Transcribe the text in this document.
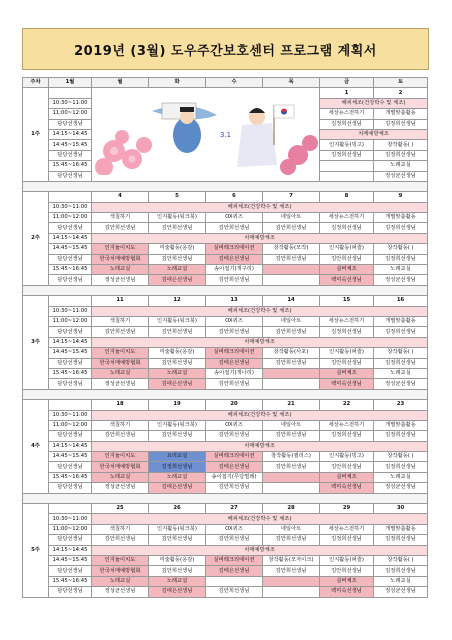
2019년 (3월) 도우주간보호센터 프로그램 계획서
주차	1월	월	화	수	목	금	토
1주		3.1				1	2
	10:30~11:00					해피체조(건강박수 및 체조)	
	11:00~12:00					세상뉴스전하기	개별맞춤활동
	담당선생님					김정희선생님	김정희선생님
	14:15~14:45					치매예방체조	
	14:45~15:45					인지활동(빙고)	창작활동( )
	담당선생님					김정희선생님	김정희선생님
	15:45~16:45						노래교실
	담당선생님						정성균선생님

2주		4	5	6	7	8	9
	10:30~11:00	해피체조(건강박수 및 체조)					
	11:00~12:00	색칠하기	인지활동(워크북)	OX퀴즈	네일아트	세상뉴스전하기	개별맞춤활동
	담당선생님	김안희선생님	김안희선생님	김안희선생님	김안희선생님	김정희선생님	김정희선생님
	14:15~14:45	치매예방체조					
	14:45~15:45	인지놀이치도	미술활동(옹감)	실버레크리에이션	창작활동(모작)	인지활동(퍼즐)	창작활동( )
	담당선생님	한국치매예방협회	김안희선생님	김태은선생님	김안희선생님	김안희선생님	김정희선생님
	15:45~16:45	노래교실	노래교실	송이접기(개구리)		실버체조	노래교실
	담당선생님	정성균선생님	김태은선생님	김안희선생님		백미숙선생님	정성균선생님

3주		11	12	13	14	15	16
	10:30~11:00	해피체조(건강박수 및 체조)					
	11:00~12:00	색칠하기	인지활동(워크북)	OX퀴즈	네일아트	세상뉴스전하기	개별맞춤활동
	담당선생님	김안희선생님	김안희선생님	김안희선생님	김안희선생님	김정희선생님	김정희선생님
	14:15~14:45	치매예방체조					
	14:45~15:45	인지놀이치도	미술활동(옹감)	실버레크리에이션	창작활동(사포)	인지활동(퍼즐)	창작활동( )
	담당선생님	한국치매예방협회	김안희선생님	김태은선생님	김안희선생님	김안희선생님	김정희선생님
	15:45~16:45	노래교실	노래교실	송이접기(개나리)		실버체조	노래교실
	담당선생님	정성균선생님	김태은선생님	김안희선생님		백미숙선생님	정성균선생님

4주		18	19	20	21	22	23
	10:30~11:00	해피체조(건강박수 및 체조)					
	11:00~12:00	색칠하기	인지활동(워크북)	OX퀴즈	네일아트	세상뉴스전하기	개별맞춤활동
	담당선생님	김안희선생님	김안희선생님	김안희선생님	김안희선생님	김정희선생님	김정희선생님
	14:15~14:45	치매예방체조					
	14:45~15:45	인지놀이치도	요리교실	실버레크리에이션	창작활동(퀼리스)	인지활동(빙고)	창작활동( )
	담당선생님	한국치매예방협회	김정희선생님	김태은선생님	김안희선생님	김안희선생님	김정희선생님
	15:45~16:45	노래교실	노래교실	송이접기(무당벌레)		실버체조	노래교실
	담당선생님	정성균선생님	김태은선생님	김안희선생님		백미숙선생님	정성균선생님

5주		25	26	27	28	29	30
	10:30~11:00	해피체조(건강박수 및 체조)					
	11:00~12:00	색칠하기	인지활동(워크북)	OX퀴즈	네일아트	세상뉴스전하기	개별맞춤활동
	담당선생님	김안희선생님	김안희선생님	김안희선생님	김안희선생님	김정희선생님	김정희선생님
	14:15~14:45	치매예방체조					
	14:45~15:45	인지놀이치도	미술활동(옹감)	실버레크리에이션	창작활동(모자이크)	인지활동(퍼즐)	창작활동( )
	담당선생님	한국치매예방협회	김안희선생님	김태은선생님	김안희선생님	김안희선생님	김정희선생님
	15:45~16:45	노래교실	노래교실			실버체조	노래교실
	담당선생님	정성균선생님	김태은선생님	김안희선생님		백미숙선생님	정성균선생님
